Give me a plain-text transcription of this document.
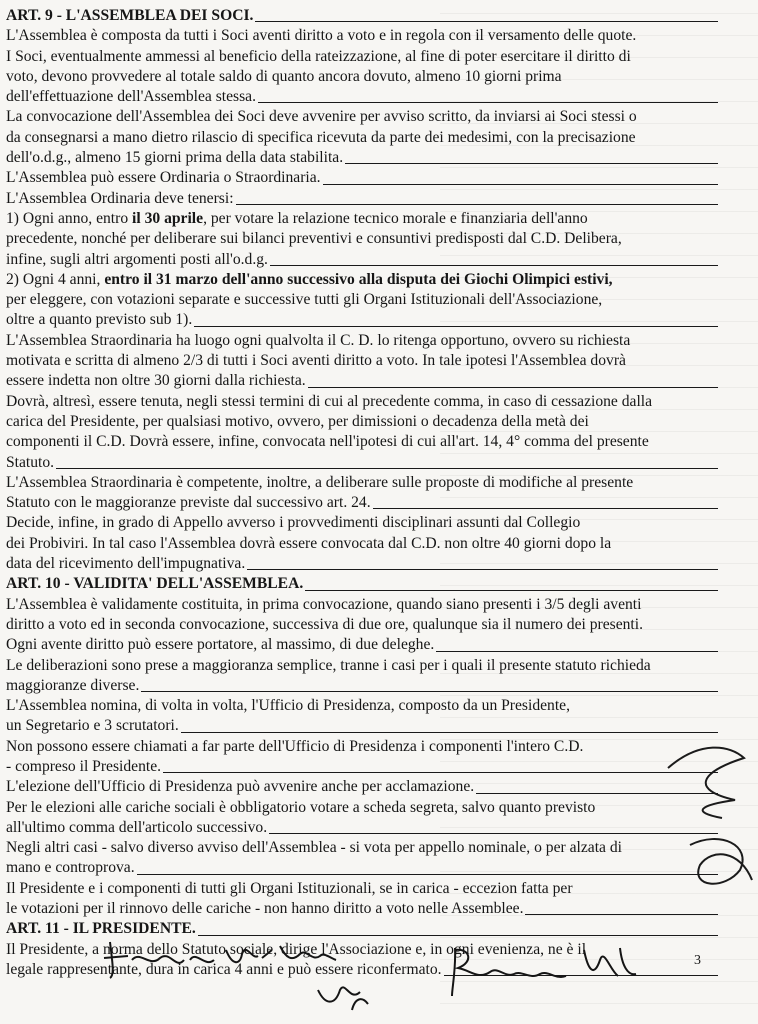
ART. 9 - L'ASSEMBLEA DEI SOCI.
L'Assemblea è composta da tutti i Soci aventi diritto a voto e in regola con il versamento delle quote.
I Soci, eventualmente ammessi al beneficio della rateizzazione, al fine di poter esercitare il diritto di
voto, devono provvedere al totale saldo di quanto ancora dovuto, almeno 10 giorni prima
dell'effettuazione dell'Assemblea stessa.
La convocazione dell'Assemblea dei Soci deve avvenire per avviso scritto, da inviarsi ai Soci stessi o
da consegnarsi a mano dietro rilascio di specifica ricevuta da parte dei medesimi, con la precisazione
dell'o.d.g., almeno 15 giorni prima della data stabilita.
L'Assemblea può essere Ordinaria o Straordinaria.
L'Assemblea Ordinaria deve tenersi:
1) Ogni anno, entro il 30 aprile, per votare la relazione tecnico morale e finanziaria dell'anno
precedente, nonché per deliberare sui bilanci preventivi e consuntivi predisposti dal C.D. Delibera,
infine, sugli altri argomenti posti all'o.d.g.
2) Ogni 4 anni, entro il 31 marzo dell'anno successivo alla disputa dei Giochi Olimpici estivi,
per eleggere, con votazioni separate e successive tutti gli Organi Istituzionali dell'Associazione,
oltre a quanto previsto sub 1).
L'Assemblea Straordinaria ha luogo ogni qualvolta il C. D. lo ritenga opportuno, ovvero su richiesta
motivata e scritta di almeno 2/3 di tutti i Soci aventi diritto a voto. In tale ipotesi l'Assemblea dovrà
essere indetta non oltre 30 giorni dalla richiesta.
Dovrà, altresì, essere tenuta, negli stessi termini di cui al precedente comma, in caso di cessazione dalla
carica del Presidente, per qualsiasi motivo, ovvero, per dimissioni o decadenza della metà dei
componenti il C.D. Dovrà essere, infine, convocata nell'ipotesi di cui all'art. 14, 4° comma del presente
Statuto.
L'Assemblea Straordinaria è competente, inoltre, a deliberare sulle proposte di modifiche al presente
Statuto con le maggioranze previste dal successivo art. 24.
Decide, infine, in grado di Appello avverso i provvedimenti disciplinari assunti dal Collegio
dei Probiviri. In tal caso l'Assemblea dovrà essere convocata dal C.D. non oltre 40 giorni dopo la
data del ricevimento dell'impugnativa.
ART. 10 - VALIDITA' DELL'ASSEMBLEA.
L'Assemblea è validamente costituita, in prima convocazione, quando siano presenti i 3/5 degli aventi
diritto a voto ed in seconda convocazione, successiva di due ore, qualunque sia il numero dei presenti.
Ogni avente diritto può essere portatore, al massimo, di due deleghe.
Le deliberazioni sono prese a maggioranza semplice, tranne i casi per i quali il presente statuto richieda
maggioranze diverse.
L'Assemblea nomina, di volta in volta, l'Ufficio di Presidenza, composto da un Presidente,
un Segretario e 3 scrutatori.
Non possono essere chiamati a far parte dell'Ufficio di Presidenza i componenti l'intero C.D.
- compreso il Presidente.
L'elezione dell'Ufficio di Presidenza può avvenire anche per acclamazione.
Per le elezioni alle cariche sociali è obbligatorio votare a scheda segreta, salvo quanto previsto
all'ultimo comma dell'articolo successivo.
Negli altri casi - salvo diverso avviso dell'Assemblea - si vota per appello nominale, o per alzata di
mano e controprova.
Il Presidente e i componenti di tutti gli Organi Istituzionali, se in carica - eccezion fatta per
le votazioni per il rinnovo delle cariche - non hanno diritto a voto nelle Assemblee.
ART. 11 - IL PRESIDENTE.
Il Presidente, a norma dello Statuto sociale, dirige l'Associazione e, in ogni evenienza, ne è il
legale rappresentante, dura in carica 4 anni e può essere riconfermato.
3
